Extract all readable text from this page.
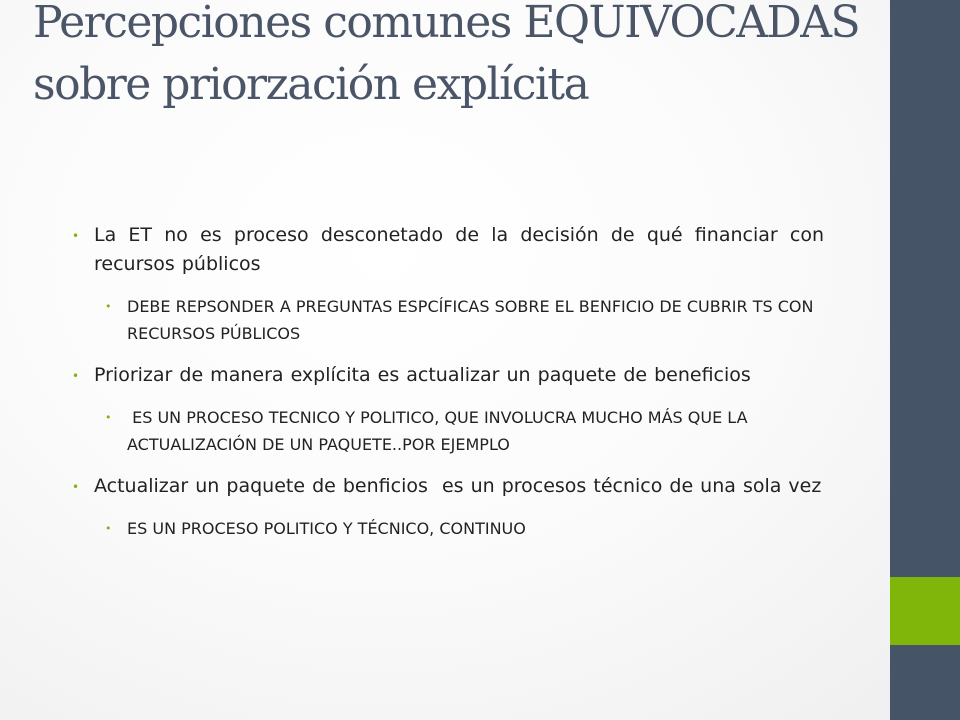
Percepciones comunes EQUIVOCADAS sobre priorzación explícita
• La ET no es proceso desconetado de la decisión de qué financiar con recursos públicos
• DEBE REPSONDER A PREGUNTAS ESPCÍFICAS SOBRE EL BENFICIO DE CUBRIR TS CON RECURSOS PÚBLICOS
• Priorizar de manera explícita es actualizar un paquete de beneficios
• ES UN PROCESO TECNICO Y POLITICO, QUE INVOLUCRA MUCHO MÁS QUE LA ACTUALIZACIÓN DE UN PAQUETE..POR EJEMPLO
• Actualizar un paquete de benficios  es un procesos técnico de una sola vez
• ES UN PROCESO POLITICO Y TÉCNICO, CONTINUO
